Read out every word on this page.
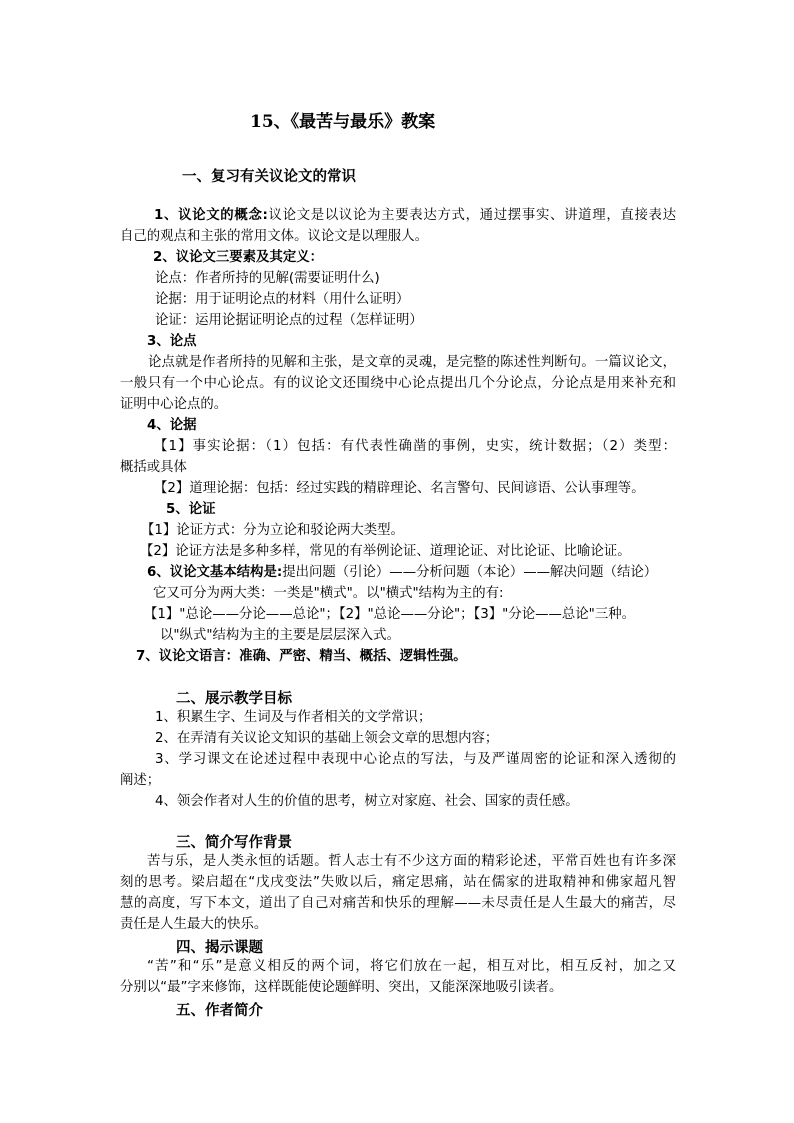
15、《最苦与最乐》教案
一、复习有关议论文的常识
1、议论文的概念:议论文是以议论为主要表达方式，通过摆事实、讲道理，直接表达
自己的观点和主张的常用文体。议论文是以理服人。
2、议论文三要素及其定义：
论点：作者所持的见解(需要证明什么)
论据：用于证明论点的材料（用什么证明）
论证：运用论据证明论点的过程（怎样证明）
3、论点
论点就是作者所持的见解和主张，是文章的灵魂，是完整的陈述性判断句。一篇议论文，
一般只有一个中心论点。有的议论文还围绕中心论点提出几个分论点，分论点是用来补充和
证明中心论点的。
4、论据
【1】事实论据：（1）包括：有代表性确凿的事例，史实，统计数据；（2）类型：
概括或具体
【2】道理论据：包括：经过实践的精辟理论、名言警句、民间谚语、公认事理等。
5、论证
【1】论证方式：分为立论和驳论两大类型。
【2】论证方法是多种多样，常见的有举例论证、道理论证、对比论证、比喻论证。
6、议论文基本结构是:提出问题（引论）——分析问题（本论）——解决问题（结论）
它又可分为两大类：一类是"横式"。以"横式"结构为主的有:
【1】"总论——分论——总论"；【2】"总论——分论"；【3】"分论——总论"三种。
以"纵式"结构为主的主要是层层深入式。
7、议论文语言：准确、严密、精当、概括、逻辑性强。
二、展示教学目标
1、积累生字、生词及与作者相关的文学常识；
2、在弄清有关议论文知识的基础上领会文章的思想内容；
3、学习课文在论述过程中表现中心论点的写法，与及严谨周密的论证和深入透彻的
阐述；
4、领会作者对人生的价值的思考，树立对家庭、社会、国家的责任感。
三、简介写作背景
苦与乐，是人类永恒的话题。哲人志士有不少这方面的精彩论述，平常百姓也有许多深
刻的思考。梁启超在“戊戌变法”失败以后，痛定思痛，站在儒家的进取精神和佛家超凡智
慧的高度，写下本文，道出了自己对痛苦和快乐的理解——未尽责任是人生最大的痛苦，尽
责任是人生最大的快乐。
四、揭示课题
“苦”和“乐”是意义相反的两个词，将它们放在一起，相互对比，相互反衬，加之又
分别以“最”字来修饰，这样既能使论题鲜明、突出，又能深深地吸引读者。
五、作者简介
